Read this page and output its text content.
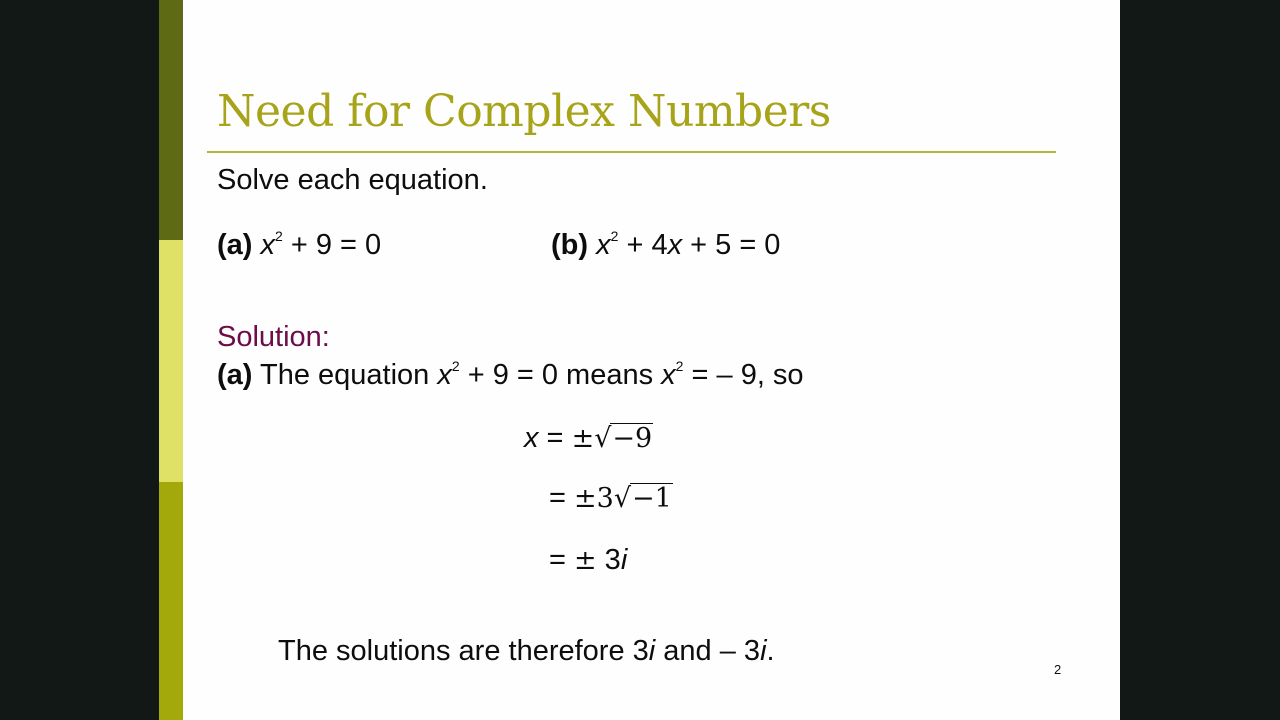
Need for Complex Numbers

Solve each equation.

(a) $x^2 + 9 = 0$	(b) $x^2 + 4x + 5 = 0$

Solution:

(a) The equation $x^2 + 9 = 0$ means $x^2$ = – 9, so

x = ±√−9

= ±3√−1

= ± 3i

The solutions are therefore 3i and – 3i.

2
